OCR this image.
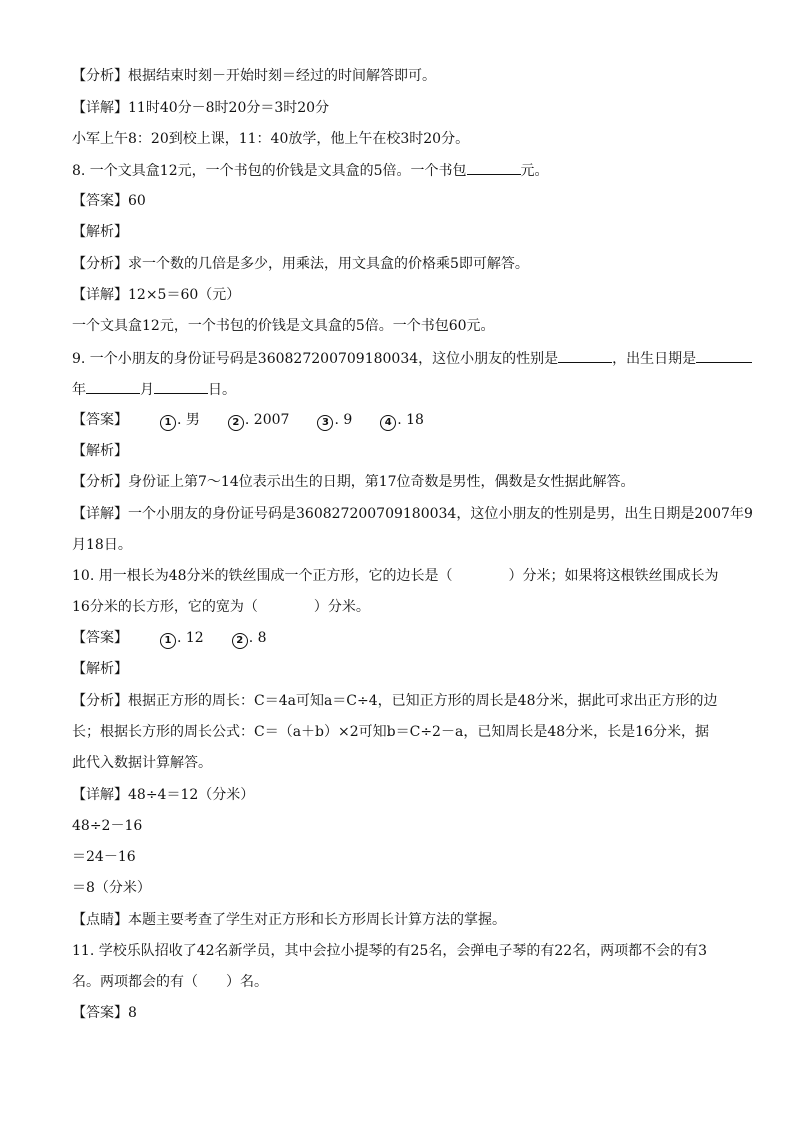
【分析】根据结束时刻－开始时刻＝经过的时间解答即可。
【详解】11时40分－8时20分＝3时20分
小军上午8：20到校上课，11：40放学，他上午在校3时20分。
8. 一个文具盒12元，一个书包的价钱是文具盒的5倍。一个书包	元。
【答案】60
【解析】
【分析】求一个数的几倍是多少，用乘法，用文具盒的价格乘5即可解答。
【详解】12×5＝60（元）
一个文具盒12元，一个书包的价钱是文具盒的5倍。一个书包60元。
9. 一个小朋友的身份证号码是360827200709180034，这位小朋友的性别是	，出生日期是
年	月	日。
【答案】	1 . 男	2 . 2007	3 . 9	4 . 18
【解析】
【分析】身份证上第7～14位表示出生的日期，第17位奇数是男性，偶数是女性据此解答。
【详解】一个小朋友的身份证号码是360827200709180034，这位小朋友的性别是男，出生日期是2007年9
月18日。
10. 用一根长为48分米的铁丝围成一个正方形，它的边长是（　　　　）分米；如果将这根铁丝围成长为
16分米的长方形，它的宽为（　　　　）分米。
【答案】	1 . 12	2 . 8
【解析】
【分析】根据正方形的周长：C＝4a可知a＝C÷4，已知正方形的周长是48分米，据此可求出正方形的边
长；根据长方形的周长公式：C＝（a＋b）×2可知b＝C÷2－a，已知周长是48分米，长是16分米，据
此代入数据计算解答。
【详解】48÷4＝12（分米）
48÷2－16
＝24－16
＝8（分米）
【点睛】本题主要考查了学生对正方形和长方形周长计算方法的掌握。
11. 学校乐队招收了42名新学员，其中会拉小提琴的有25名，会弹电子琴的有22名，两项都不会的有3
名。两项都会的有（　　）名。
【答案】8
